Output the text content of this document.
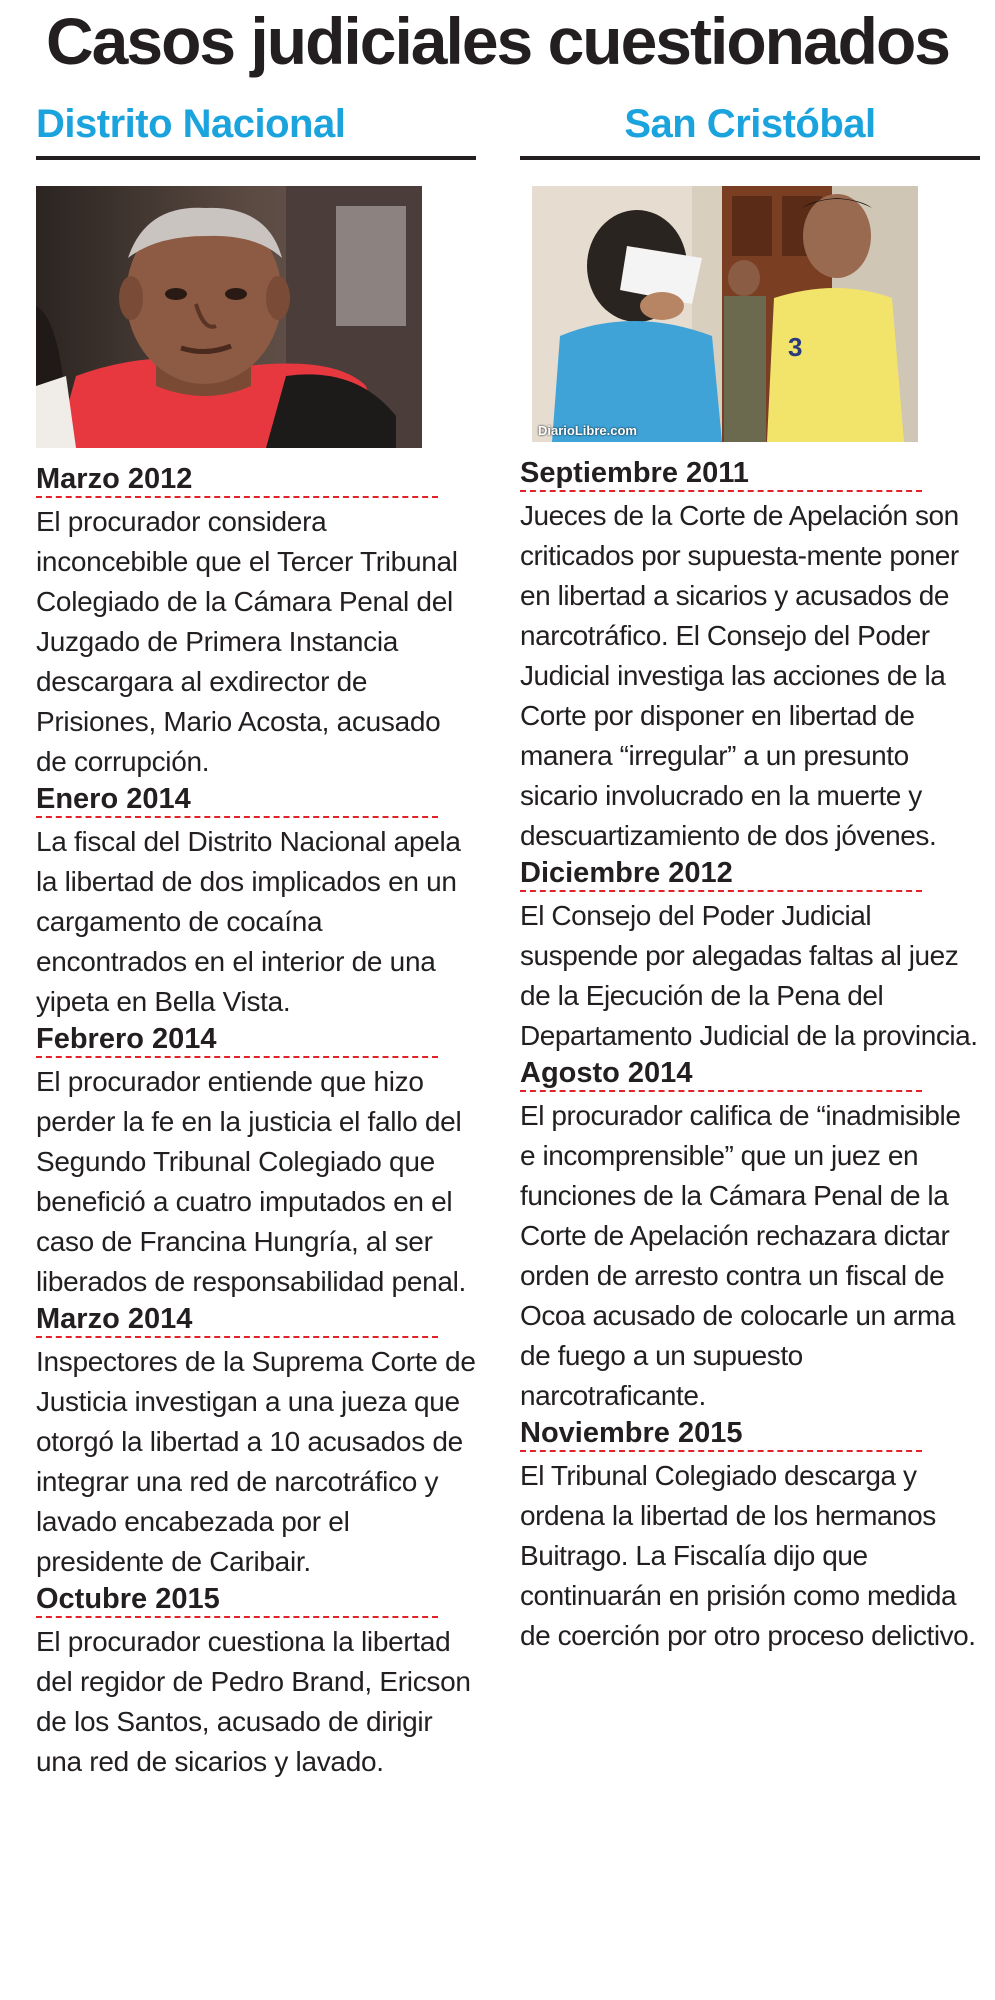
Casos judiciales cuestionados
Distrito Nacional
Marzo 2012

El procurador considera inconcebible que el Tercer Tribunal Colegiado de la Cámara Penal del Juzgado de Primera Instancia descargara al exdirector de Prisiones, Mario Acosta, acusado de corrupción.

Enero 2014

La fiscal del Distrito Nacional apela la libertad de dos implicados en un cargamento de cocaína encontrados en el interior de una yipeta en Bella Vista.

Febrero 2014

El procurador entiende que hizo perder la fe en la justicia el fallo del Segundo Tribunal Colegiado que benefició a cuatro imputados en el caso de Francina Hungría, al ser liberados de responsabilidad penal.

Marzo 2014

Inspectores de la Suprema Corte de Justicia investigan a una jueza que otorgó la libertad a 10 acusados de integrar una red de narcotráfico y lavado encabezada por el presidente de Caribair.

Octubre 2015

El procurador cuestiona la libertad del regidor de Pedro Brand, Ericson de los Santos, acusado de dirigir una red de sicarios y lavado.

San Cristóbal
3
DiarioLibre.com
Septiembre 2011

Jueces de la Corte de Apelación son criticados por supuesta-mente poner en libertad a sicarios y acusados de narcotráfico. El Consejo del Poder Judicial investiga las acciones de la Corte por disponer en libertad de manera “irregular” a un presunto sicario involucrado en la muerte y descuartizamiento de dos jóvenes.

Diciembre 2012

El Consejo del Poder Judicial suspende por alegadas faltas al juez de la Ejecución de la Pena del Departamento Judicial de la provincia.

Agosto 2014

El procurador califica de “inadmisible e incomprensible” que un juez en funciones de la Cámara Penal de la Corte de Apelación rechazara dictar orden de arresto contra un fiscal de Ocoa acusado de colocarle un arma de fuego a un supuesto narcotraficante.

Noviembre 2015

El Tribunal Colegiado descarga y ordena la libertad de los hermanos Buitrago. La Fiscalía dijo que continuarán en prisión como medida de coerción por otro proceso delictivo.
